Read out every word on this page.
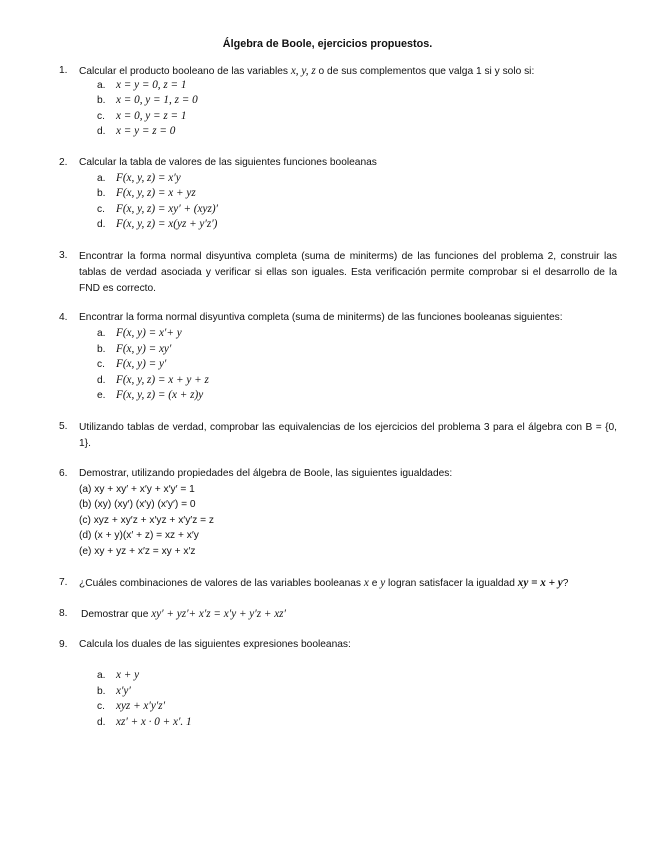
Álgebra de Boole, ejercicios propuestos.
1. Calcular el producto booleano de las variables x, y, z o de sus complementos que valga 1 si y solo si:
a. x = y = 0, z = 1
b. x = 0, y = 1, z = 0
c. x = 0, y = z = 1
d. x = y = z = 0
2. Calcular la tabla de valores de las siguientes funciones booleanas
a. F(x, y, z) = x′y
b. F(x, y, z) = x + yz
c. F(x, y, z) = xy′ + (xyz)′
d. F(x, y, z) = x(yz + y′z′)
3. Encontrar la forma normal disyuntiva completa (suma de miniterms) de las funciones del problema 2, construir las tablas de verdad asociada y verificar si ellas son iguales. Esta verificación permite comprobar si el desarrollo de la FND es correcto.
4. Encontrar la forma normal disyuntiva completa (suma de miniterms) de las funciones booleanas siguientes:
a. F(x, y) = x′+ y
b. F(x, y) = xy′
c. F(x, y) = y′
d. F(x, y, z) = x + y + z
e. F(x, y, z) = (x + z)y
5. Utilizando tablas de verdad, comprobar las equivalencias de los ejercicios del problema 3 para el álgebra con B = {0, 1}.
6. Demostrar, utilizando propiedades del álgebra de Boole, las siguientes igualdades:
(a) xy + xy′ + x′y + x′y′ = 1
(b) (xy) (xy′) (x′y) (x′y′) = 0
(c) xyz + xy′z + x′yz + x′y′z = z
(d) (x + y)(x′ + z) = xz + x′y
(e) xy + yz + x′z = xy + x′z
7. ¿Cuáles combinaciones de valores de las variables booleanas x e y logran satisfacer la igualdad xy = x + y?
8. Demostrar que xy′ + yz′+ x′z = x′y + y′z + xz′
9. Calcula los duales de las siguientes expresiones booleanas:
a. x + y
b. x′y′
c. xyz + x′y′z′
d. xz′ + x · 0 + x′. 1
